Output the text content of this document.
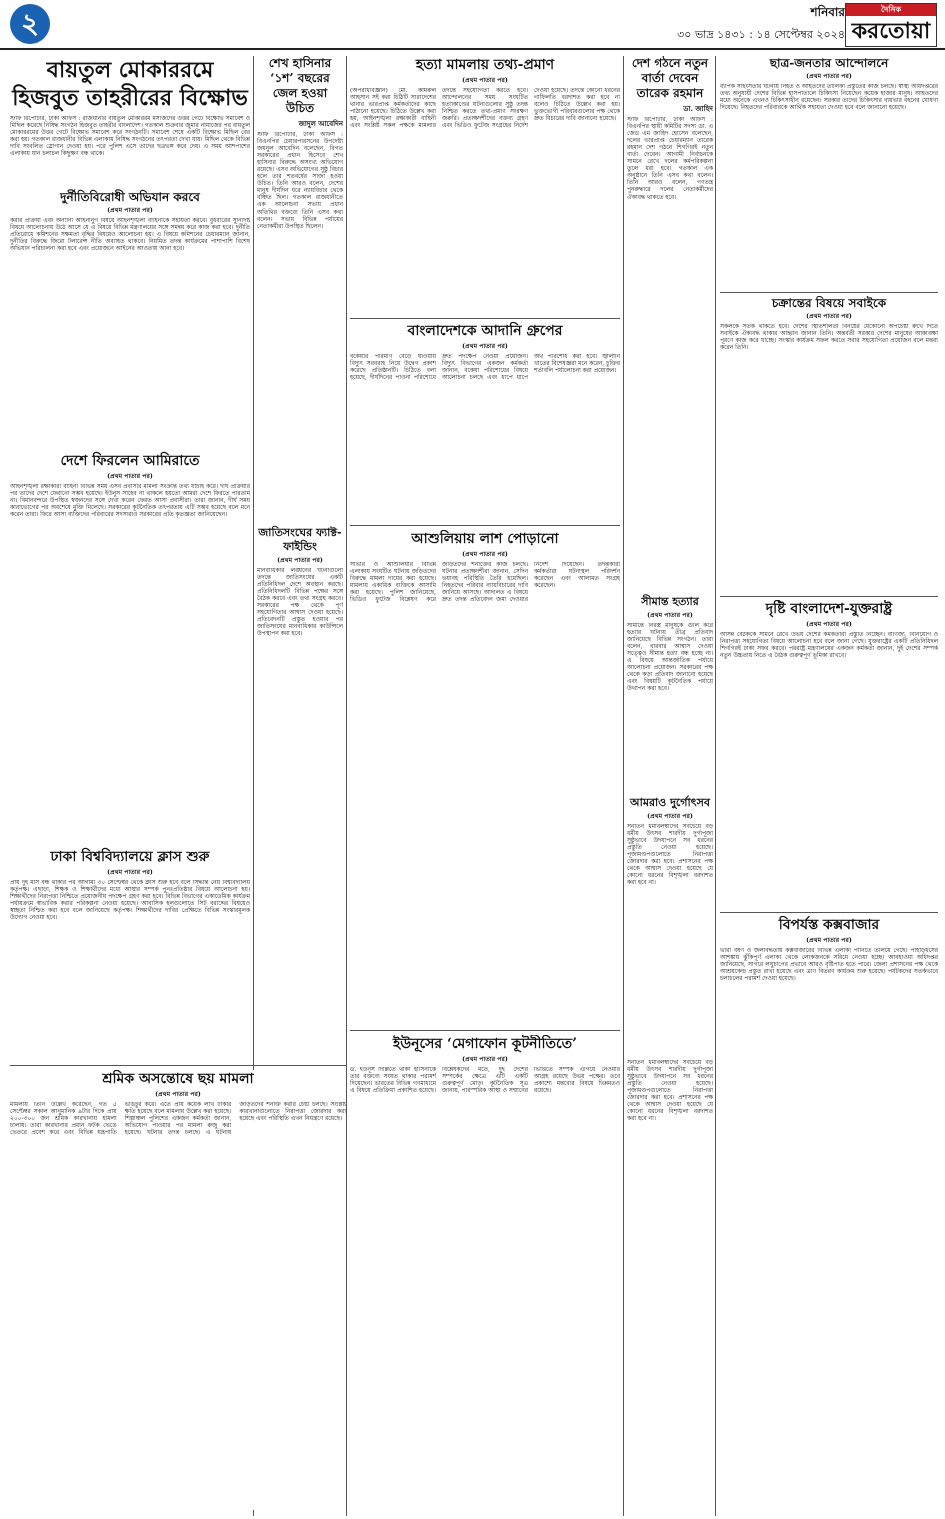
২	শনিবার
৩০ ভাদ্র ১৪৩১ : ১৪ সেপ্টেম্বর ২০২৪
দৈনিক
করতোয়া
বায়তুল মোকাররমে হিজবুত তাহরীরের বিক্ষোভ
স্টাফ রিপোর্টার, ঢাকা অফিস : রাজধানীর বায়তুল মোকাররম মসজিদের উত্তর গেটে বিক্ষোভ সমাবেশ ও মিছিল করেছে নিষিদ্ধ সংগঠন হিজবুত তাহরীর বাংলাদেশ। গতকাল শুক্রবার জুমার নামাজের পর বায়তুল মোকাররমের উত্তর গেটে বিক্ষোভ সমাবেশ করে সংগঠনটি। সমাবেশ শেষে একটি বিক্ষোভ মিছিল বের করা হয়। গতকাল রাজধানীর বিভিন্ন এলাকায় নিষিদ্ধ সংগঠনের তৎপরতা দেখা যায়। মিছিল থেকে বিভিন্ন দাবি সংবলিত স্লোগান দেওয়া হয়। পরে পুলিশ এসে তাদের ছত্রভঙ্গ করে দেয়। এ সময় আশপাশের এলাকায় যান চলাচল কিছুক্ষণ বন্ধ থাকে।
দুর্নীতিবিরোধী অভিযান করবে
(প্রথম পাতার পর)
করার প্রক্রিয়া এবং অন্যান্য আইনানুগ বিষয়ে আইনশৃঙ্খলা বাহিনীকে সহায়তা করবে। বুধবারের সুনির্দিষ্ট বিষয়ে আলোচনায় উঠে আসে যে এ বিষয়ে বিভিন্ন মন্ত্রণালয়ের সঙ্গে সমন্বয় করে কাজ করা হবে। দুর্নীতি প্রতিরোধে কমিশনের সক্ষমতা বৃদ্ধির বিষয়েও আলোচনা হয়। এ বিষয়ে কমিশনের চেয়ারম্যান জানান, দুর্নীতির বিরুদ্ধে জিরো টলারেন্স নীতি অব্যাহত থাকবে। নিয়মিত তদন্ত কার্যক্রমের পাশাপাশি বিশেষ অভিযান পরিচালনা করা হবে এবং প্রয়োজনে আইনের আওতায় আনা হবে।
দেশে ফিরলেন আমিরাতে
(প্রথম পাতার পর)
আইনশৃঙ্খলা রক্ষাকারী বাহিনী বিভিন্ন সময় এসব প্রবাসীর মামলা সংক্রান্ত তথ্য যাচাই করে। দীর্ঘ প্রক্রিয়ার পর তাদের দেশে ফেরানো সম্ভব হয়েছে। ইউনুস সাহেব না থাকলে হয়তো আমরা দেশে ফিরতে পারতাম না। বিমানবন্দরে উপস্থিত স্বজনদের সঙ্গে দেখা করেন ফেরত আসা প্রবাসীরা। তারা জানান, দীর্ঘ সময় কারাভোগের পর অবশেষে মুক্তি মিলেছে। সরকারের কূটনৈতিক তৎপরতায় এটি সম্ভব হয়েছে বলে মনে করেন তারা। ফিরে আসা ব্যক্তিদের পরিবারের সদস্যরাও সরকারের প্রতি কৃতজ্ঞতা জানিয়েছেন।
ঢাকা বিশ্ববিদ্যালয়ে ক্লাস শুরু
(প্রথম পাতার পর)
প্রায় দুই মাস বন্ধ থাকার পর আগামী ৩০ সেপ্টেম্বর থেকে ক্লাস শুরু হবে বলে সিদ্ধান্ত নেয় বিশ্ববিদ্যালয় কর্তৃপক্ষ। এছাড়া, শিক্ষক ও শিক্ষার্থীদের মধ্যে আস্থার সম্পর্ক পুনঃপ্রতিষ্ঠার বিষয়ে আলোচনা হয়। শিক্ষার্থীদের নিরাপত্তা নিশ্চিতে প্রয়োজনীয় পদক্ষেপ গ্রহণ করা হবে। বিভিন্ন বিভাগের একাডেমিক কার্যক্রম পর্যায়ক্রমে স্বাভাবিক করার পরিকল্পনা নেওয়া হয়েছে। আবাসিক হলগুলোতে সিট বরাদ্দের বিষয়েও স্বচ্ছতা নিশ্চিত করা হবে বলে জানিয়েছে কর্তৃপক্ষ। শিক্ষার্থীদের দাবির প্রেক্ষিতে বিভিন্ন সংস্কারমূলক উদ্যোগ নেওয়া হবে।
শ্রমিক অসন্তোষে ছয় মামলা
(প্রথম পাতার পর)
মামলায় তিনি উল্লেখ করেছেন, গত ৫ সেপ্টেম্বর সকাল আনুমানিক ৯টার দিকে প্রায় ২০০-৩০০ জন শ্রমিক কারখানায় হামলা চালায়। তারা কারখানার প্রধান ফটক ভেঙে ভেতরে প্রবেশ করে এবং বিভিন্ন যন্ত্রপাতি ভাঙচুর করে। এতে প্রায় কয়েক লাখ টাকার ক্ষতি হয়েছে বলে মামলায় উল্লেখ করা হয়েছে। শিল্পাঞ্চল পুলিশের একজন কর্মকর্তা জানান, অভিযোগ পাওয়ার পর মামলা রুজু করা হয়েছে। ঘটনার তদন্ত চলছে। এ ঘটনায় জড়িতদের শনাক্ত করার চেষ্টা চলছে। সংশ্লিষ্ট কারখানাগুলোতে নিরাপত্তা জোরদার করা হয়েছে এবং পরিস্থিতি এখন নিয়ন্ত্রণে রয়েছে।
শেখ হাসিনার ‘১শ’ বছরের জেল হওয়া উচিত
জাদুল আবেদিন
স্টাফ রিপোর্টার, ঢাকা অফিস : বিএনপির চেয়ারপারসনের উপদেষ্টা জয়নুল আবেদিন বলেছেন, বিগত সরকারের প্রধান হিসেবে শেখ হাসিনার বিরুদ্ধে অসংখ্য অভিযোগ রয়েছে। এসব অভিযোগের সুষ্ঠু বিচার হলে তার শতবর্ষের সাজা হওয়া উচিত। তিনি আরও বলেন, দেশের মানুষ দীর্ঘদিন ধরে ন্যায়বিচার থেকে বঞ্চিত ছিল। গতকাল রাজধানীতে এক আলোচনা সভায় প্রধান অতিথির বক্তব্যে তিনি এসব কথা বলেন। সভায় বিভিন্ন পর্যায়ের নেতাকর্মীরা উপস্থিত ছিলেন।
জাতিসংঘের ফ্যাক্ট-ফাইন্ডিং
(প্রথম পাতার পর)
মানবাধিকার লঙ্ঘনের ঘটনাগুলো তদন্তে জাতিসংঘের একটি প্রতিনিধিদল দেশে অবস্থান করছে। প্রতিনিধিদলটি বিভিন্ন পক্ষের সঙ্গে বৈঠক করবে এবং তথ্য সংগ্রহ করবে। সরকারের পক্ষ থেকে পূর্ণ সহযোগিতার আশ্বাস দেওয়া হয়েছে। প্রতিবেদনটি প্রস্তুত হওয়ার পর জাতিসংঘের মানবাধিকার কাউন্সিলে উপস্থাপন করা হবে।
হত্যা মামলায় তথ্য-প্রমাণ
(প্রথম পাতার পর)
(অপরাধবিজ্ঞান) মো. কামরুল আহসান সই করা চিঠিটি সারাদেশের থানার ভারপ্রাপ্ত কর্মকর্তাদের কাছে পাঠানো হয়েছে। চিঠিতে উল্লেখ করা হয়, আইনশৃঙ্খলা রক্ষাকারী বাহিনী এবং সংশ্লিষ্ট সকল পক্ষকে মামলার তদন্তে সহযোগিতা করতে হবে। আন্দোলনের সময় সংঘটিত হত্যাকাণ্ডের ঘটনাগুলোর সুষ্ঠু তদন্ত নিশ্চিত করতে তথ্য-প্রমাণ সংরক্ষণ জরুরি। প্রত্যক্ষদর্শীদের বক্তব্য গ্রহণ এবং ভিডিও ফুটেজ সংগ্রহের নির্দেশ দেওয়া হয়েছে। তদন্তে কোনো ধরনের গাফিলতি বরদাশত করা হবে না বলেও চিঠিতে উল্লেখ করা হয়। ভুক্তভোগী পরিবারগুলোর পক্ষ থেকে দ্রুত বিচারের দাবি জানানো হয়েছে।
বাংলাদেশকে আদানি গ্রুপের
(প্রথম পাতার পর)
বকেয়ার পরিমাণ বেড়ে যাওয়ায় বিদ্যুৎ সরবরাহ নিয়ে উদ্বেগ প্রকাশ করেছে প্রতিষ্ঠানটি। চিঠিতে বলা হয়েছে, দীর্ঘদিনের পাওনা পরিশোধে দ্রুত পদক্ষেপ নেওয়া প্রয়োজন। বিদ্যুৎ বিভাগের একজন কর্মকর্তা জানান, বকেয়া পরিশোধের বিষয়ে আলোচনা চলছে এবং ধাপে ধাপে অর্থ পরিশোধ করা হবে। জ্বালানি খাতের বিশেষজ্ঞরা মনে করেন, চুক্তির শর্তাবলি পর্যালোচনা করা প্রয়োজন।
আশুলিয়ায় লাশ পোড়ানো
(প্রথম পাতার পর)
সাভার ও আশুলিয়ার বিভিন্ন এলাকায় সংঘটিত ঘটনায় জড়িতদের বিরুদ্ধে মামলা দায়ের করা হয়েছে। মামলায় একাধিক ব্যক্তিকে আসামি করা হয়েছে। পুলিশ জানিয়েছে, ভিডিও ফুটেজ বিশ্লেষণ করে জড়িতদের শনাক্তের কাজ চলছে। ঘটনার প্রত্যক্ষদর্শীরা জানান, সেদিন ভয়াবহ পরিস্থিতি তৈরি হয়েছিল। নিহতদের পরিবার ন্যায়বিচারের দাবি জানিয়ে আসছে। আদালত এ বিষয়ে দ্রুত তদন্ত প্রতিবেদন জমা দেওয়ার নির্দেশ দিয়েছেন। তদন্তকারী কর্মকর্তারা ঘটনাস্থল পরিদর্শন করেছেন এবং আলামত সংগ্রহ করেছেন।
ইউনূসের ‘মেগাফোন কূটনীতিতে’
(প্রথম পাতার পর)
ড. ইউনূস দিল্লিতে থাকা হাসিনাকে তার বক্তব্যে সংযত থাকার পরামর্শ দিয়েছেন। ভারতের বিভিন্ন গণমাধ্যমে এ বিষয়ে প্রতিক্রিয়া প্রকাশিত হয়েছে। বিশ্লেষকদের মতে, দুই দেশের সম্পর্কের ক্ষেত্রে এটি একটি গুরুত্বপূর্ণ মোড়। কূটনৈতিক সূত্র জানায়, পারস্পরিক আস্থা ও সম্মানের ভিত্তিতে সম্পর্ক এগিয়ে নেওয়ার আগ্রহ রয়েছে উভয় পক্ষের। তবে প্রকাশ্যে মন্তব্যের বিষয়ে ভিন্নমতও রয়েছে।
দেশ গঠনে নতুন বার্তা দেবেন তারেক রহমান
ডা. জাহিদ
স্টাফ রিপোর্টার, ঢাকা অফিস : বিএনপির স্থায়ী কমিটির সদস্য ডা. এ জেড এম জাহিদ হোসেন বলেছেন, দলের ভারপ্রাপ্ত চেয়ারম্যান তারেক রহমান দেশ গঠনে শিগগিরই নতুন বার্তা দেবেন। আগামী নির্বাচনকে সামনে রেখে দলের কর্মপরিকল্পনা তুলে ধরা হবে। গতকাল এক অনুষ্ঠানে তিনি এসব কথা বলেন। তিনি আরও বলেন, গণতন্ত্র পুনরুদ্ধারে দলের নেতাকর্মীদের ঐক্যবদ্ধ থাকতে হবে।
সীমান্ত হত্যার
(প্রথম পাতার পর)
সীমান্তে নিরস্ত্র মানুষকে গুলি করে হত্যার ঘটনায় তীব্র প্রতিবাদ জানিয়েছে বিভিন্ন সংগঠন। তারা বলেন, বারবার আশ্বাস দেওয়া সত্ত্বেও সীমান্ত হত্যা বন্ধ হচ্ছে না। এ বিষয়ে আন্তর্জাতিক পর্যায়ে আলোচনা প্রয়োজন। সরকারের পক্ষ থেকে কড়া প্রতিবাদ জানানো হয়েছে এবং বিষয়টি কূটনৈতিক পর্যায়ে উত্থাপন করা হবে।
আমরাও দুর্গোৎসব
(প্রথম পাতার পর)
সনাতন ধর্মাবলম্বীদের সবচেয়ে বড় ধর্মীয় উৎসব শারদীয় দুর্গাপূজা সুষ্ঠুভাবে উদযাপনে সব ধরনের প্রস্তুতি নেওয়া হয়েছে। পূজামণ্ডপগুলোতে নিরাপত্তা জোরদার করা হবে। প্রশাসনের পক্ষ থেকে আশ্বাস দেওয়া হয়েছে যে কোনো ধরনের বিশৃঙ্খলা বরদাশত করা হবে না।
ছাত্র-জনতার আন্দোলনে
(প্রথম পাতার পর)
ব্যাপক সহিংসতার ঘটনায় নিহত ও আহতদের তালিকা প্রস্তুতের কাজ চলছে। স্বাস্থ্য অধিদপ্তরের তথ্য অনুযায়ী দেশের বিভিন্ন হাসপাতালে চিকিৎসা নিয়েছেন কয়েক হাজার মানুষ। আহতদের মধ্যে অনেকে এখনও চিকিৎসাধীন রয়েছেন। সরকার তাদের চিকিৎসার ব্যয়ভার বহনের ঘোষণা দিয়েছে। নিহতদের পরিবারকে আর্থিক সহায়তা দেওয়া হবে বলে জানানো হয়েছে।
চক্রান্তের বিষয়ে সবাইকে
(প্রথম পাতার পর)
সকলকে সতর্ক থাকতে হবে। দেশের স্থিতিশীলতা বিনষ্টের যেকোনো অপচেষ্টা রুখে দিতে সবাইকে ঐক্যবদ্ধ থাকার আহ্বান জানান তিনি। অন্তর্বর্তী সরকার দেশের মানুষের আকাঙ্ক্ষা পূরণে কাজ করে যাচ্ছে। সংস্কার কার্যক্রম সফল করতে সবার সহযোগিতা প্রয়োজন বলে মন্তব্য করেন তিনি।
দৃষ্টি বাংলাদেশ-যুক্তরাষ্ট্র
(প্রথম পাতার পর)
আসন্ন বৈঠককে সামনে রেখে উভয় দেশের কর্মকর্তারা প্রস্তুতি নিচ্ছেন। বাণিজ্য, বিনিয়োগ ও নিরাপত্তা সহযোগিতা বিষয়ে আলোচনা হবে বলে জানা গেছে। যুক্তরাষ্ট্রের একটি প্রতিনিধিদল শিগগিরই ঢাকা সফর করবে। পররাষ্ট্র মন্ত্রণালয়ের একজন কর্মকর্তা জানান, দুই দেশের সম্পর্ক নতুন উচ্চতায় নিতে এ বৈঠক গুরুত্বপূর্ণ ভূমিকা রাখবে।
বিপর্যস্ত কক্সবাজার
(প্রথম পাতার পর)
ভারী বর্ষণ ও জলাবদ্ধতায় কক্সবাজারের বিভিন্ন এলাকা পানিতে তলিয়ে গেছে। পাহাড়ধসের আশঙ্কায় ঝুঁকিপূর্ণ এলাকা থেকে লোকজনকে সরিয়ে নেওয়া হচ্ছে। আবহাওয়া অধিদপ্তর জানিয়েছে, সাগরে লঘুচাপের প্রভাবে আরও বৃষ্টিপাত হতে পারে। জেলা প্রশাসনের পক্ষ থেকে আশ্রয়কেন্দ্র প্রস্তুত রাখা হয়েছে এবং ত্রাণ বিতরণ কার্যক্রম শুরু হয়েছে। পর্যটকদের সতর্কভাবে চলাচলের পরামর্শ দেওয়া হয়েছে।
সনাতন ধর্মাবলম্বীদের সবচেয়ে বড় ধর্মীয় উৎসব শারদীয় দুর্গাপূজা সুষ্ঠুভাবে উদযাপনে সব ধরনের প্রস্তুতি নেওয়া হয়েছে। পূজামণ্ডপগুলোতে নিরাপত্তা জোরদার করা হবে। প্রশাসনের পক্ষ থেকে আশ্বাস দেওয়া হয়েছে যে কোনো ধরনের বিশৃঙ্খলা বরদাশত করা হবে না।
